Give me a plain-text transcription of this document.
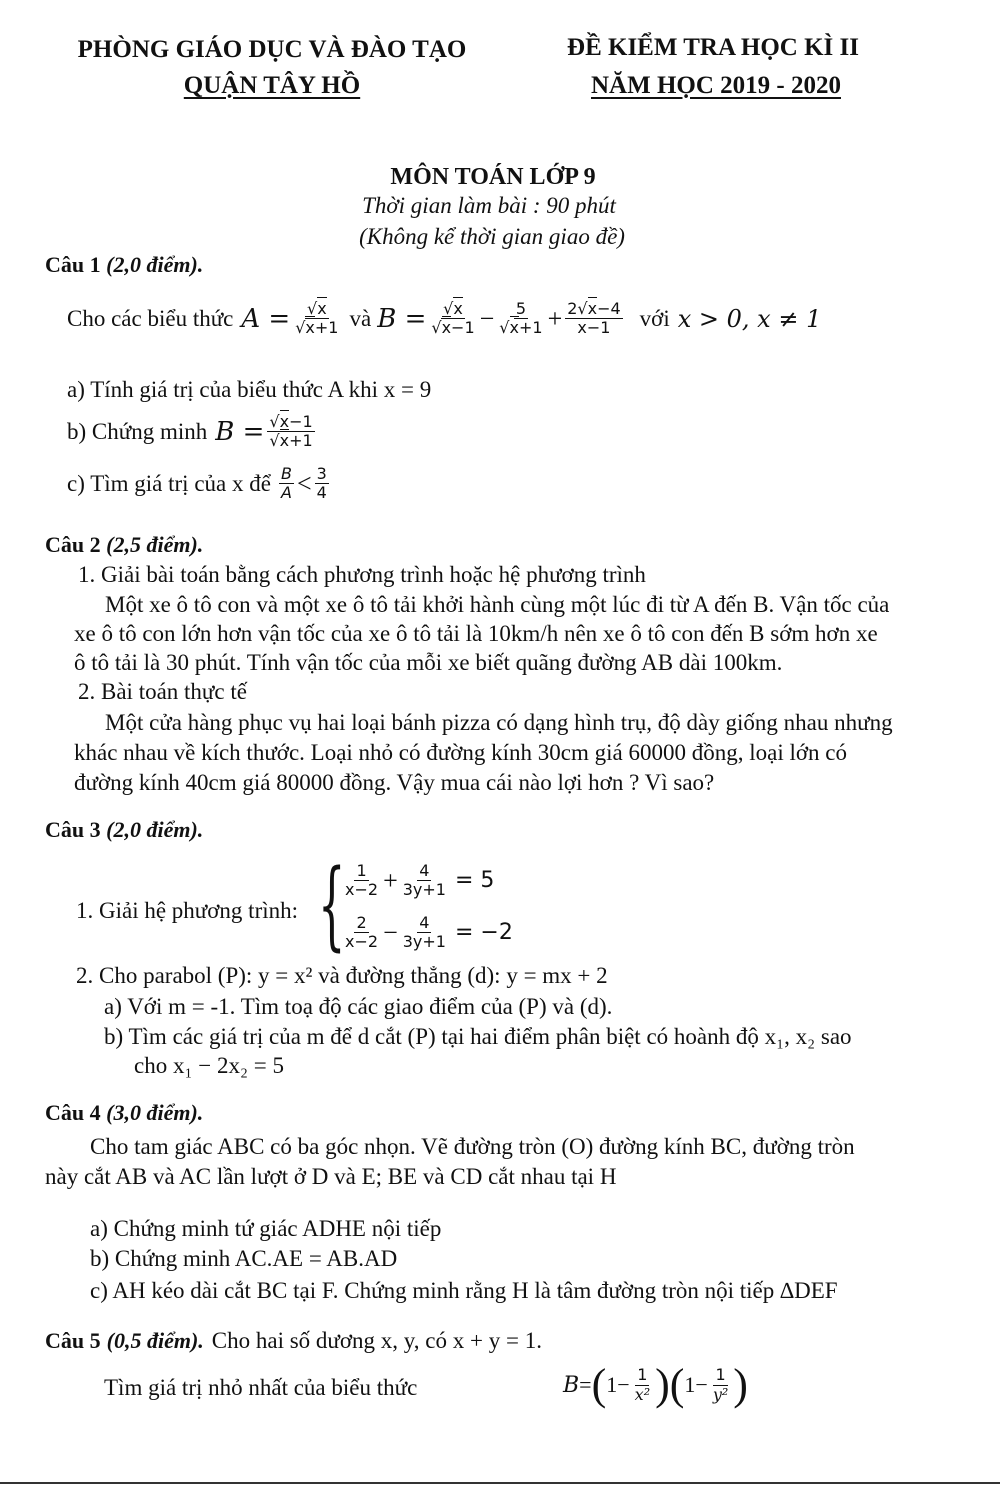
PHÒNG GIÁO DỤC VÀ ĐÀO TẠO
QUẬN TÂY HỒ
ĐỀ KIỂM TRA HỌC KÌ II
NĂM HỌC 2019 - 2020
MÔN TOÁN LỚP 9
Thời gian làm bài : 90 phút
(Không kể thời gian giao đề)
Câu 1 (2,0 điểm).
Cho các biểu thức $A = \frac{√x}{√x+1}$ và $B = \frac{√x}{√x-1} - \frac{5}{√x+1} + \frac{2√x-4}{x-1}$ với x > 0, x ≠ 1
a) Tính giá trị của biểu thức A khi x = 9
b) Chứng minh $B = \frac{√x-1}{√x+1}$
c) Tìm giá trị của x để $\frac{B}{A} < \frac{3}{4}$
Câu 2 (2,5 điểm).
1. Giải bài toán bằng cách phương trình hoặc hệ phương trình
Một xe ô tô con và một xe ô tô tải khởi hành cùng một lúc đi từ A đến B. Vận tốc của
xe ô tô con lớn hơn vận tốc của xe ô tô tải là 10km/h nên xe ô tô con đến B sớm hơn xe
ô tô tải là 30 phút. Tính vận tốc của mỗi xe biết quãng đường AB dài 100km.
2. Bài toán thực tế
Một cửa hàng phục vụ hai loại bánh pizza có dạng hình trụ, độ dày giống nhau nhưng
khác nhau về kích thước. Loại nhỏ có đường kính 30cm giá 60000 đồng, loại lớn có
đường kính 40cm giá 80000 đồng. Vậy mua cái nào lợi hơn ? Vì sao?
Câu 3 (2,0 điểm).
1. Giải hệ phương trình: {
$\frac{1}{x-2} + \frac{4}{3y+1} = 5$
$\frac{2}{x-2} - \frac{4}{3y+1} = -2$
2. Cho parabol (P): y = x² và đường thẳng (d): y = mx + 2
a) Với m = -1. Tìm toạ độ các giao điểm của (P) và (d).
b) Tìm các giá trị của m để d cắt (P) tại hai điểm phân biệt có hoành độ x₁, x₂ sao
cho x₁ − 2x₂ = 5
Câu 4 (3,0 điểm).
Cho tam giác ABC có ba góc nhọn. Vẽ đường tròn (O) đường kính BC, đường tròn
này cắt AB và AC lần lượt ở D và E; BE và CD cắt nhau tại H
a) Chứng minh tứ giác ADHE nội tiếp
b) Chứng minh AC.AE = AB.AD
c) AH kéo dài cắt BC tại F. Chứng minh rằng H là tâm đường tròn nội tiếp ∆DEF
Câu 5 (0,5 điểm). Cho hai số dương x, y, có x + y = 1.
Tìm giá trị nhỏ nhất của biểu thức	B = ( $1- \frac{1}{\text{x²}}$ ) ( $1- \frac{1}{\text{y²}}$ )
